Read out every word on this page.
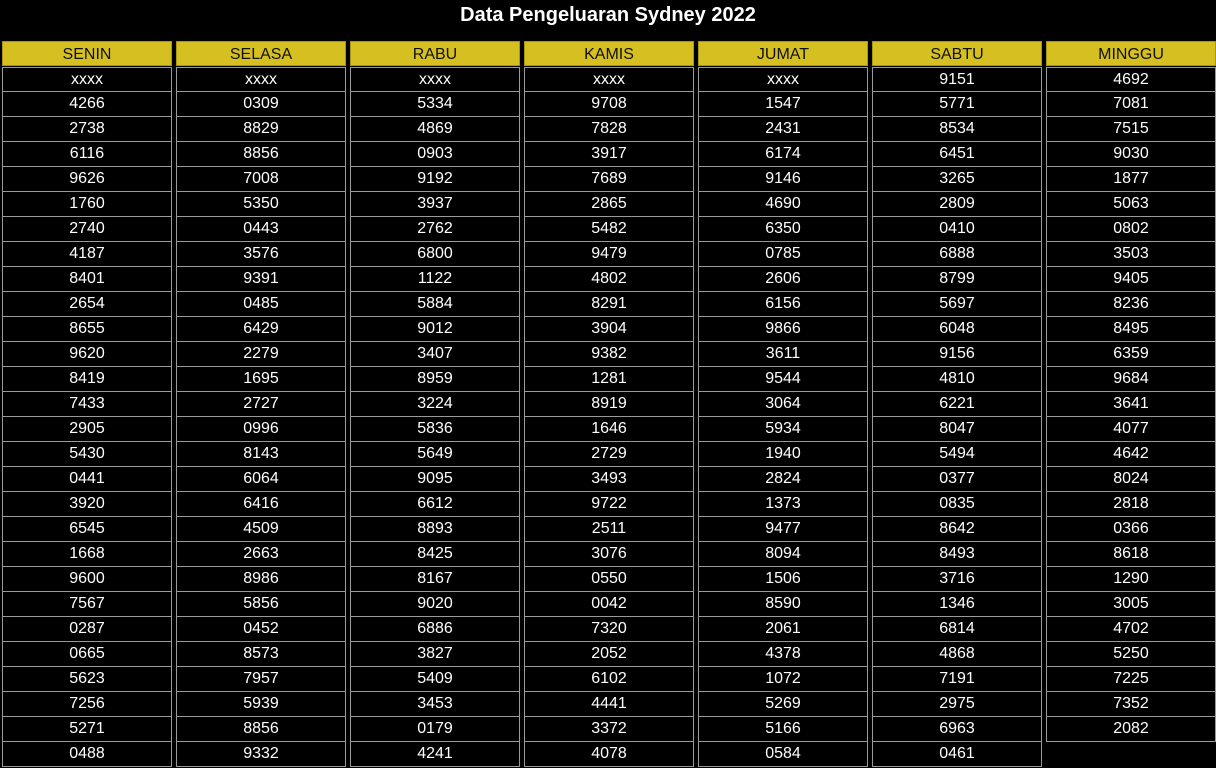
Data Pengeluaran Sydney 2022
SENIN
xxxx
4266
2738
6116
9626
1760
2740
4187
8401
2654
8655
9620
8419
7433
2905
5430
0441
3920
6545
1668
9600
7567
0287
0665
5623
7256
5271
0488
SELASA
xxxx
0309
8829
8856
7008
5350
0443
3576
9391
0485
6429
2279
1695
2727
0996
8143
6064
6416
4509
2663
8986
5856
0452
8573
7957
5939
8856
9332
RABU
xxxx
5334
4869
0903
9192
3937
2762
6800
1122
5884
9012
3407
8959
3224
5836
5649
9095
6612
8893
8425
8167
9020
6886
3827
5409
3453
0179
4241
KAMIS
xxxx
9708
7828
3917
7689
2865
5482
9479
4802
8291
3904
9382
1281
8919
1646
2729
3493
9722
2511
3076
0550
0042
7320
2052
6102
4441
3372
4078
JUMAT
xxxx
1547
2431
6174
9146
4690
6350
0785
2606
6156
9866
3611
9544
3064
5934
1940
2824
1373
9477
8094
1506
8590
2061
4378
1072
5269
5166
0584
SABTU
9151
5771
8534
6451
3265
2809
0410
6888
8799
5697
6048
9156
4810
6221
8047
5494
0377
0835
8642
8493
3716
1346
6814
4868
7191
2975
6963
0461
MINGGU
4692
7081
7515
9030
1877
5063
0802
3503
9405
8236
8495
6359
9684
3641
4077
4642
8024
2818
0366
8618
1290
3005
4702
5250
7225
7352
2082
